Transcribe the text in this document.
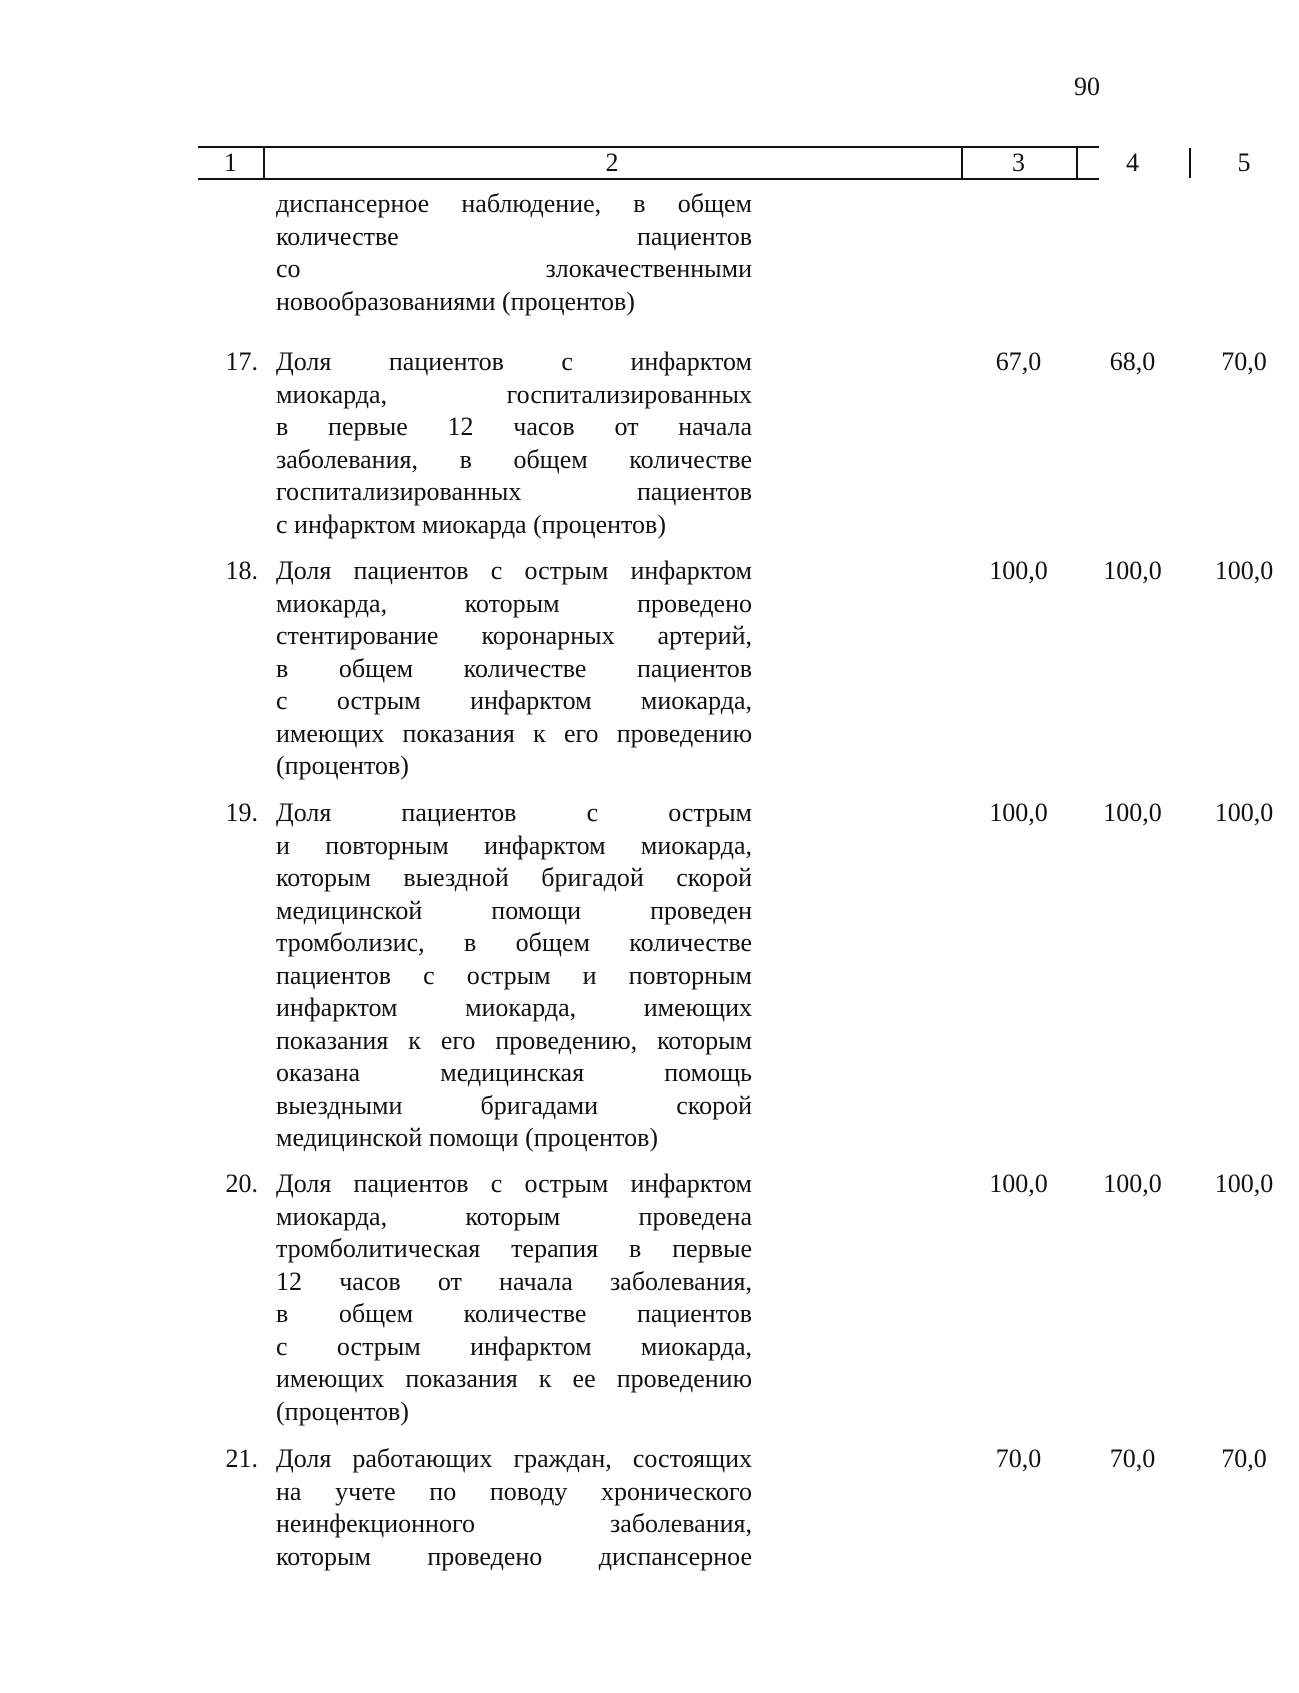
90
1	2	3	4	5
диспансерное наблюдение, в общем
количестве пациентов
со злокачественными
новообразованиями (процентов)
17. Доля пациентов с инфарктом
миокарда, госпитализированных
в первые 12 часов от начала
заболевания, в общем количестве
госпитализированных пациентов
с инфарктом миокарда (процентов)
67,0	68,0	70,0
18. Доля пациентов с острым инфарктом
миокарда, которым проведено
стентирование коронарных артерий,
в общем количестве пациентов
с острым инфарктом миокарда,
имеющих показания к его проведению
(процентов)
100,0	100,0	100,0
19. Доля пациентов с острым
и повторным инфарктом миокарда,
которым выездной бригадой скорой
медицинской помощи проведен
тромболизис, в общем количестве
пациентов с острым и повторным
инфарктом миокарда, имеющих
показания к его проведению, которым
оказана медицинская помощь
выездными бригадами скорой
медицинской помощи (процентов)
100,0	100,0	100,0
20. Доля пациентов с острым инфарктом
миокарда, которым проведена
тромболитическая терапия в первые
12 часов от начала заболевания,
в общем количестве пациентов
с острым инфарктом миокарда,
имеющих показания к ее проведению
(процентов)
100,0	100,0	100,0
21. Доля работающих граждан, состоящих
на учете по поводу хронического
неинфекционного заболевания,
которым проведено диспансерное
70,0	70,0	70,0
